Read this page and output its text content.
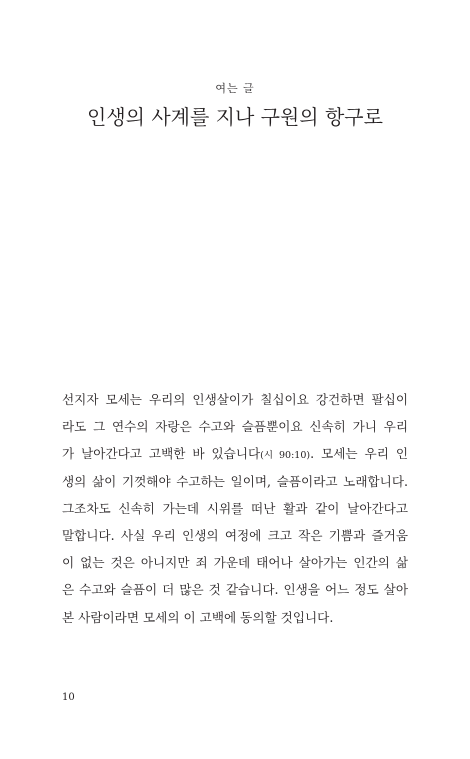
여는 글
인생의 사계를 지나 구원의 항구로
선지자 모세는 우리의 인생살이가 칠십이요 강건하면 팔십이
라도 그 연수의 자랑은 수고와 슬픔뿐이요 신속히 가니 우리
가 날아간다고 고백한 바 있습니다(시 90:10). 모세는 우리 인
생의 삶이 기껏해야 수고하는 일이며, 슬픔이라고 노래합니다.
그조차도 신속히 가는데 시위를 떠난 활과 같이 날아간다고
말합니다. 사실 우리 인생의 여정에 크고 작은 기쁨과 즐거움
이 없는 것은 아니지만 죄 가운데 태어나 살아가는 인간의 삶
은 수고와 슬픔이 더 많은 것 같습니다. 인생을 어느 정도 살아
본 사람이라면 모세의 이 고백에 동의할 것입니다.
10
